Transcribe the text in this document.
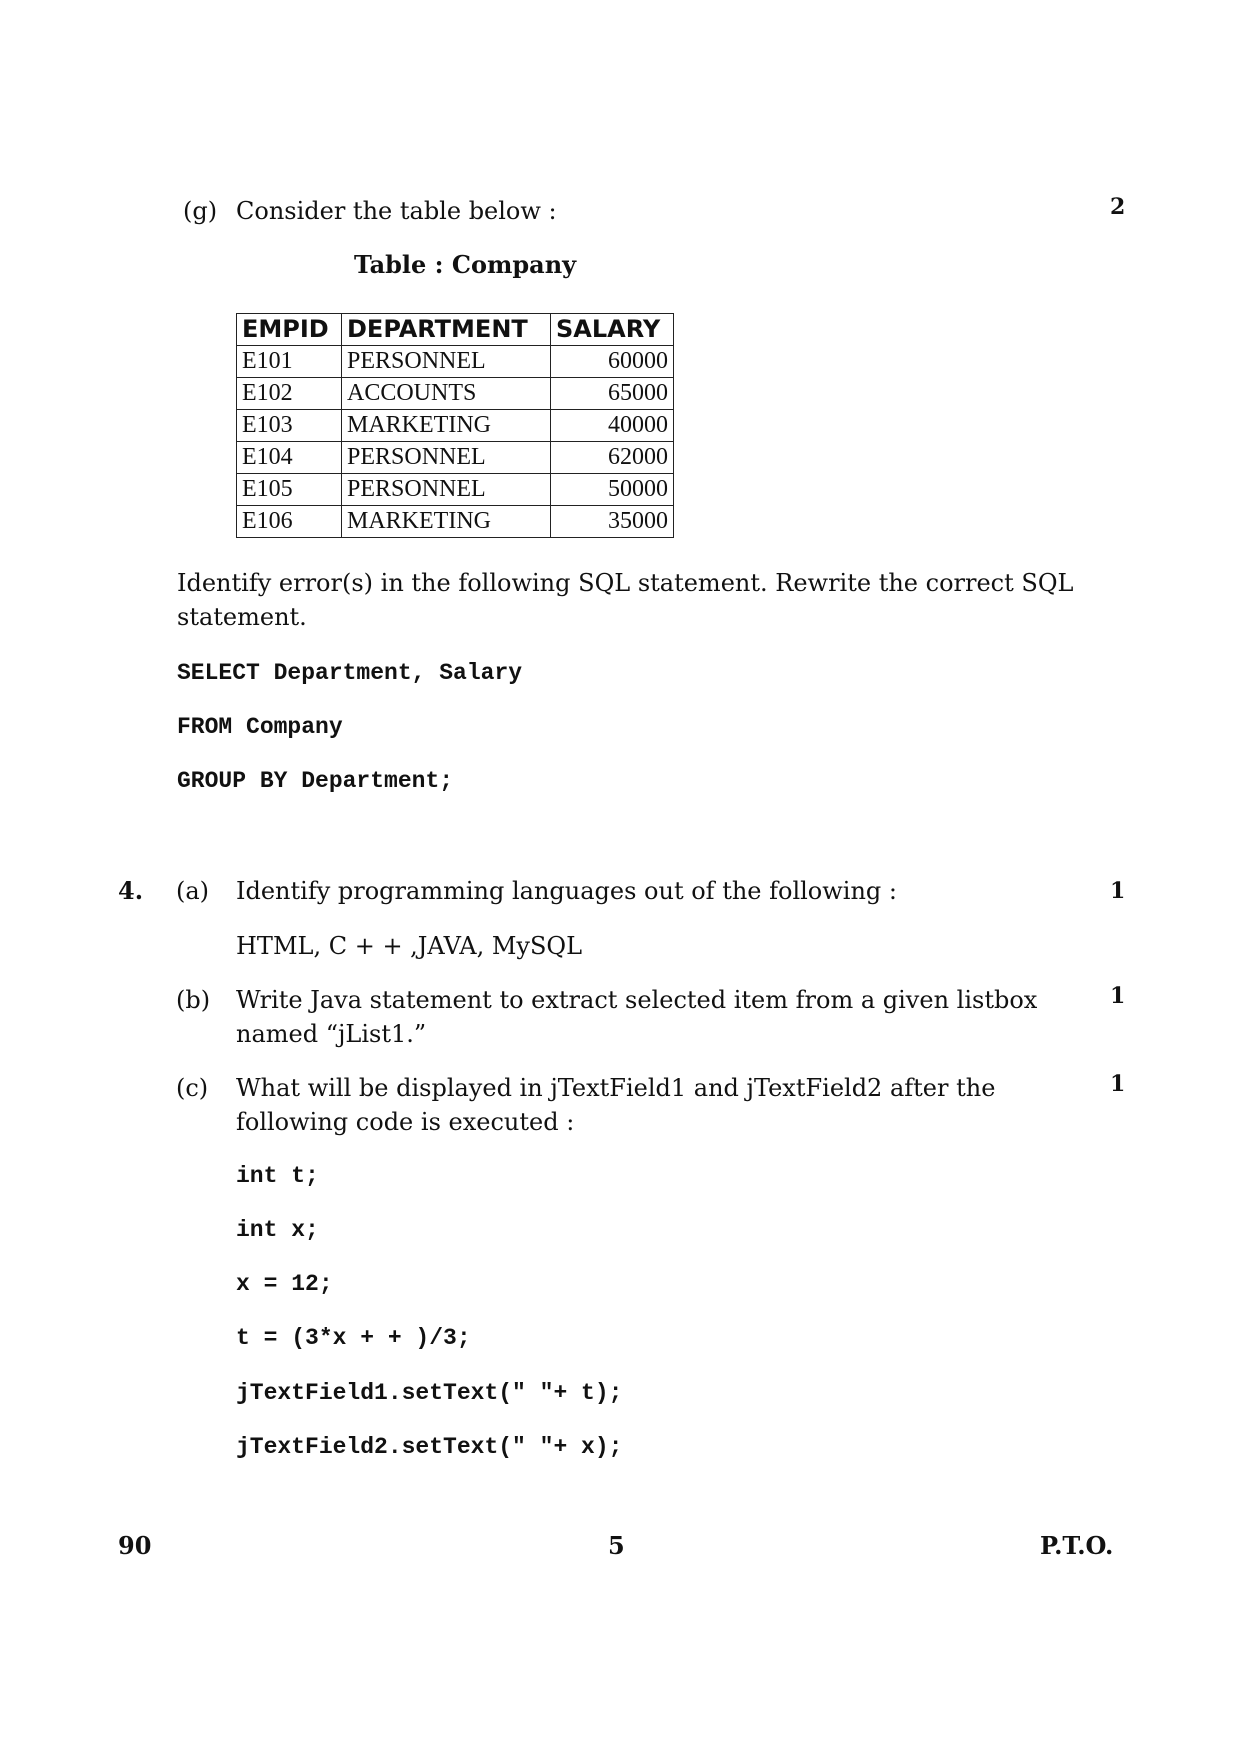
(g) Consider the table below :	2
Table : Company
EMPID	DEPARTMENT	SALARY
E101	PERSONNEL	60000
E102	ACCOUNTS	65000
E103	MARKETING	40000
E104	PERSONNEL	62000
E105	PERSONNEL	50000
E106	MARKETING	35000
Identify error(s) in the following SQL statement. Rewrite the correct SQL statement.
SELECT Department, Salary
FROM Company
GROUP BY Department;
4. (a) Identify programming languages out of the following :	1
HTML, C + + ,JAVA, MySQL
(b) Write Java statement to extract selected item from a given listbox named “jList1.”
1
(c) What will be displayed in jTextField1 and jTextField2 after the following code is executed :
1
int t;
int x;
x = 12;
t = (3*x + + )/3;
jTextField1.setText(" "+ t);
jTextField2.setText(" "+ x);
90	5	P.T.O.
